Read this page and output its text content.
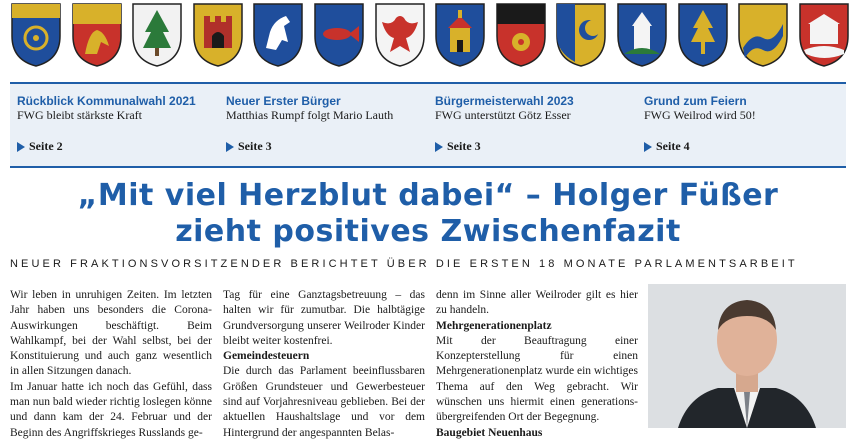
Rückblick Kommunalwahl 2021
FWG bleibt stärkste Kraft
Seite 2
Neuer Erster Bürger
Matthias Rumpf folgt Mario Lauth
Seite 3
Bürgermeisterwahl 2023
FWG unterstützt Götz Esser
Seite 3
Grund zum Feiern
FWG Weilrod wird 50!
Seite 4
„Mit viel Herzblut dabei“ – Holger Füßer
zieht positives Zwischenfazit
NEUER FRAKTIONSVORSITZENDER BERICHTET ÜBER DIE ERSTEN 18 MONATE PARLAMENTSARBEIT

Wir leben in unruhigen Zeiten. Im letzten Jahr haben uns besonders die Corona-Auswirkungen beschäftigt. Beim Wahlkampf, bei der Wahl selbst, bei der Konstituierung und auch ganz wesentlich in allen Sitzungen danach.

Im Januar hatte ich noch das Gefühl, dass man nun bald wieder richtig loslegen könne und dann kam der 24. Februar und der Beginn des Angriffskrieges Russlands ge-

Tag für eine Ganztagsbetreuung – das halten wir für zumutbar. Die halbtägige Grundversorgung unserer Weilroder Kinder bleibt weiter kostenfrei.

Gemeindesteuern

Die durch das Parlament beeinflussbaren Größen Grundsteuer und Gewerbesteuer sind auf Vorjahresniveau geblieben. Bei der aktuellen Haushaltslage und vor dem Hintergrund der angespannten Belas-

denn im Sinne aller Weilroder gilt es hier zu handeln.

Mehrgenerationenplatz

Mit der Beauftragung einer Konzepterstellung für einen Mehrgenerationenplatz wurde ein wichtiges Thema auf den Weg gebracht. Wir wünschen uns hiermit einen generations-übergreifenden Ort der Begegnung.

Baugebiet Neuenhaus
